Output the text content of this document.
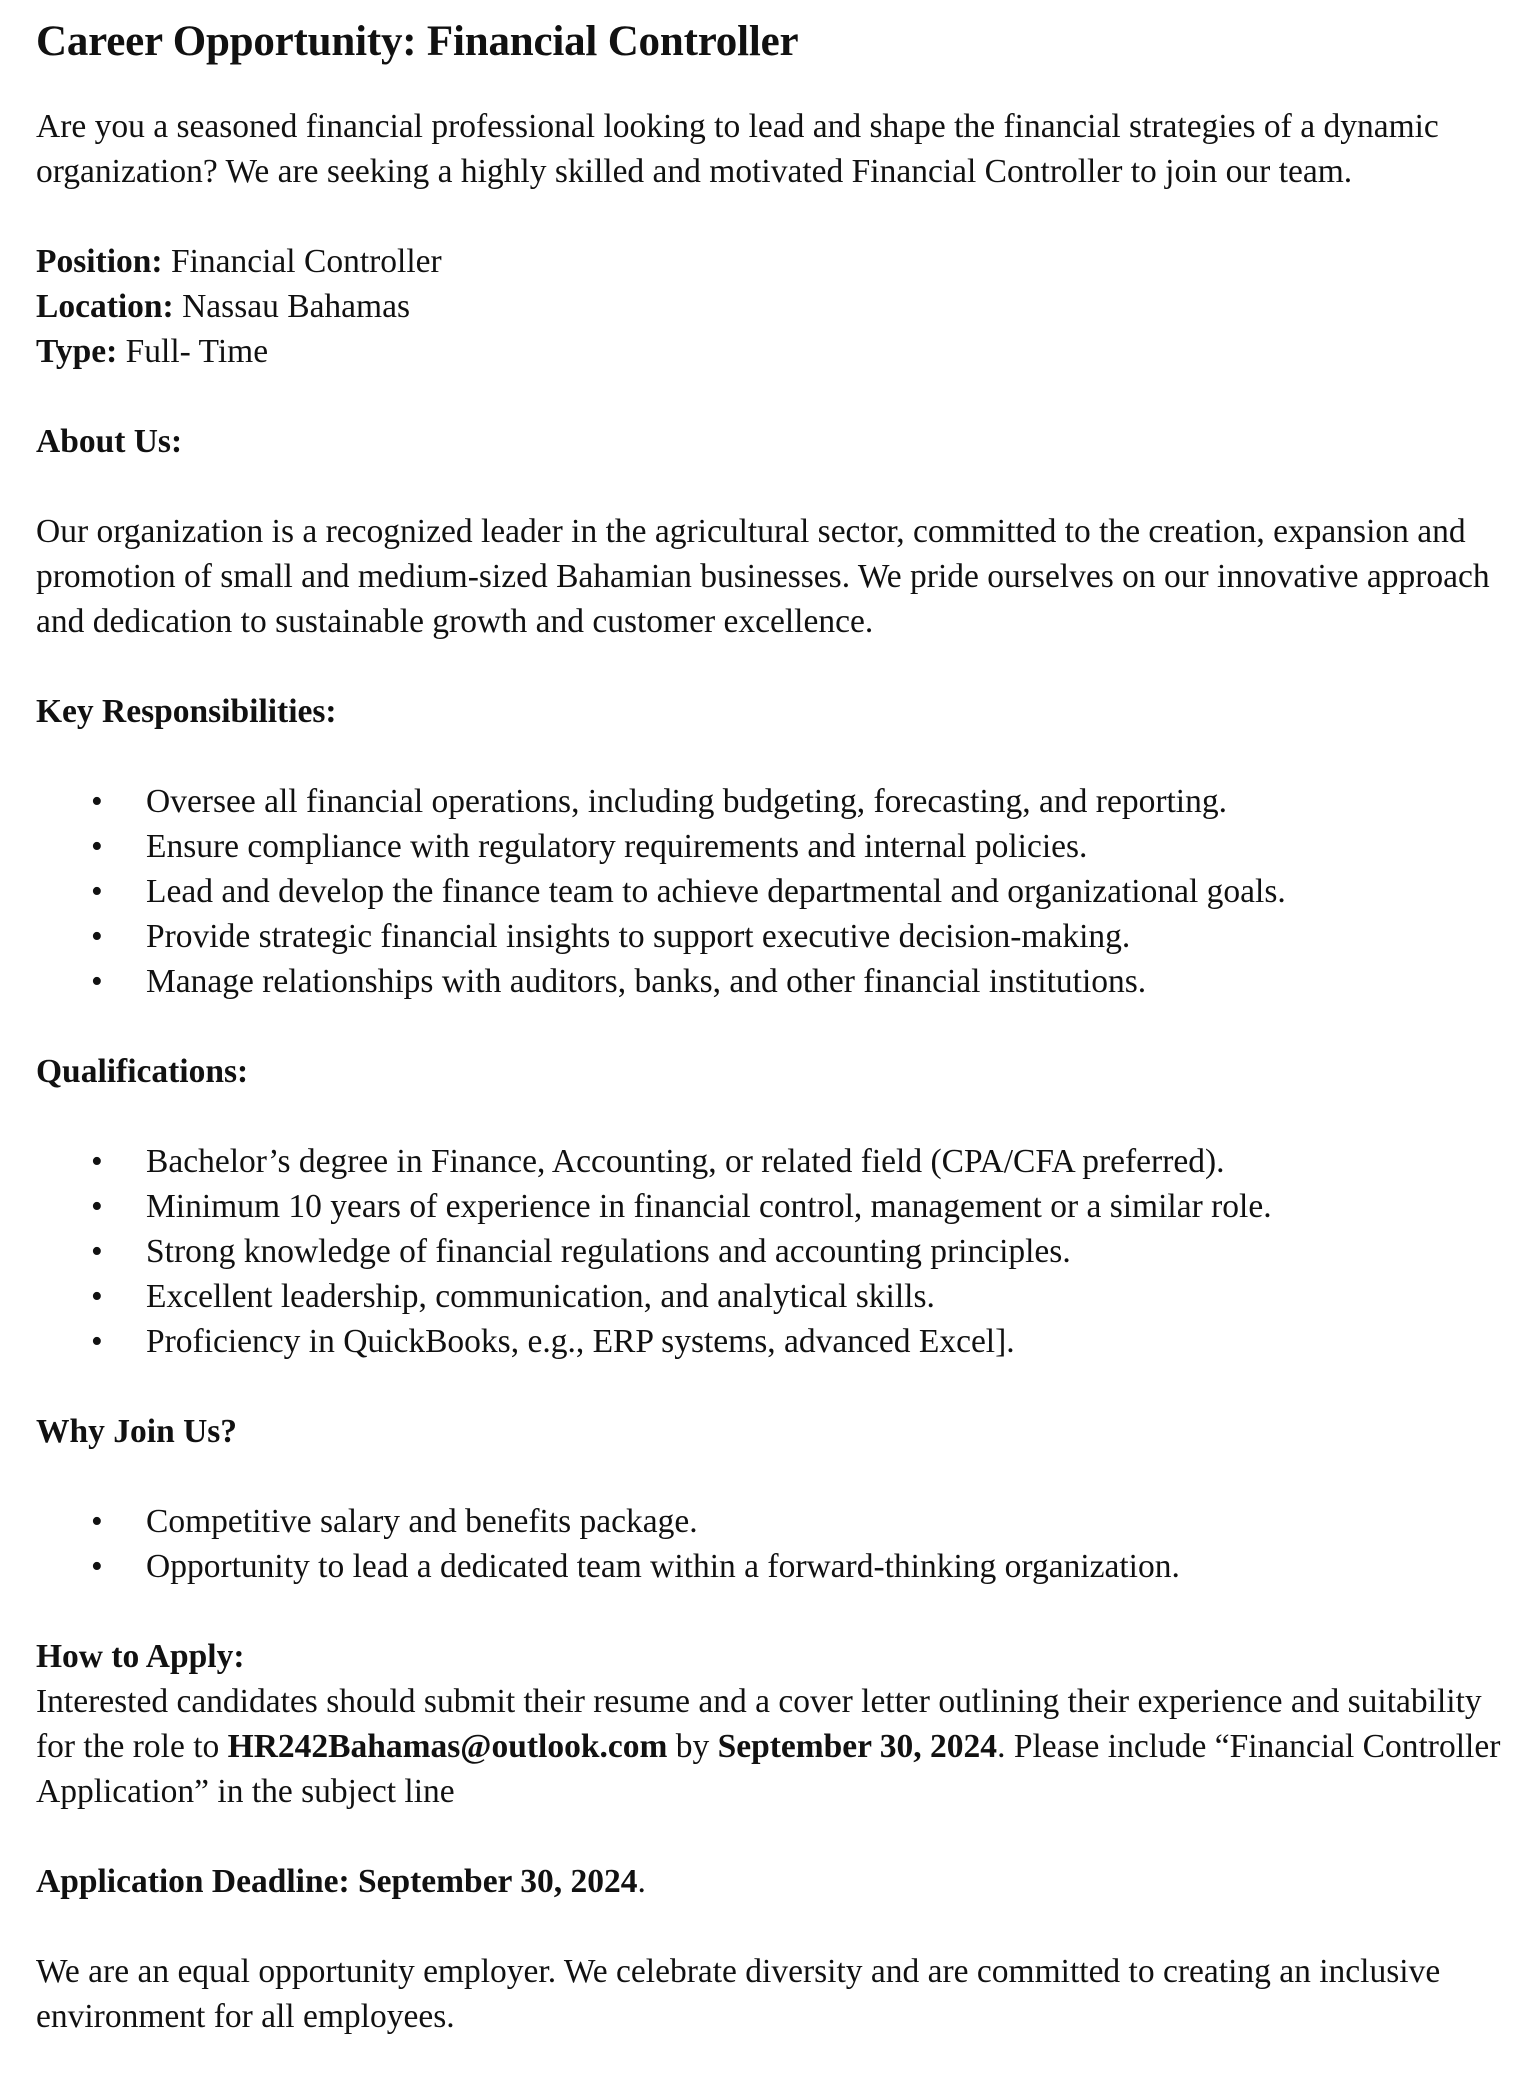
Career Opportunity: Financial Controller

Are you a seasoned financial professional looking to lead and shape the financial strategies of a dynamic organization? We are seeking a highly skilled and motivated Financial Controller to join our team.

Position: Financial Controller

Location: Nassau Bahamas

Type: Full- Time

About Us:

Our organization is a recognized leader in the agricultural sector, committed to the creation, expansion and promotion of small and medium-sized Bahamian businesses. We pride ourselves on our innovative approach and dedication to sustainable growth and customer excellence.

Key Responsibilities:

• Oversee all financial operations, including budgeting, forecasting, and reporting.
• Ensure compliance with regulatory requirements and internal policies.
• Lead and develop the finance team to achieve departmental and organizational goals.
• Provide strategic financial insights to support executive decision-making.
• Manage relationships with auditors, banks, and other financial institutions.

Qualifications:

• Bachelor’s degree in Finance, Accounting, or related field (CPA/CFA preferred).
• Minimum 10 years of experience in financial control, management or a similar role.
• Strong knowledge of financial regulations and accounting principles.
• Excellent leadership, communication, and analytical skills.
• Proficiency in QuickBooks, e.g., ERP systems, advanced Excel].

Why Join Us?

• Competitive salary and benefits package.
• Opportunity to lead a dedicated team within a forward-thinking organization.

How to Apply:

Interested candidates should submit their resume and a cover letter outlining their experience and suitability for the role to HR242Bahamas@outlook.com by September 30, 2024. Please include “Financial Controller Application” in the subject line

Application Deadline: September 30, 2024.

We are an equal opportunity employer. We celebrate diversity and are committed to creating an inclusive environment for all employees.
